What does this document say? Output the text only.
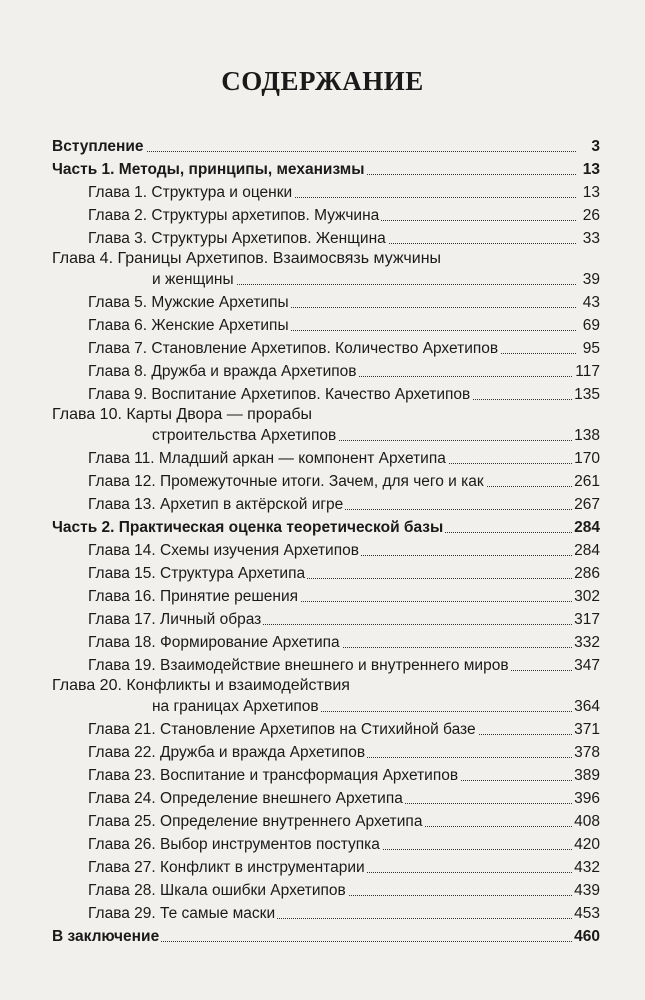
СОДЕРЖАНИЕ
Вступление	3
Часть 1. Методы, принципы, механизмы	13
Глава 1. Структура и оценки	13
Глава 2. Структуры архетипов. Мужчина	26
Глава 3. Структуры Архетипов. Женщина	33
Глава 4. Границы Архетипов. Взаимосвязь мужчины
и женщины	39
Глава 5. Мужские Архетипы	43
Глава 6. Женские Архетипы	69
Глава 7. Становление Архетипов. Количество Архетипов	95
Глава 8. Дружба и вражда Архетипов	117
Глава 9. Воспитание Архетипов. Качество Архетипов	135
Глава 10. Карты Двора — прорабы
строительства Архетипов	138
Глава 11. Младший аркан — компонент Архетипа	170
Глава 12. Промежуточные итоги. Зачем, для чего и как	261
Глава 13. Архетип в актёрской игре	267
Часть 2. Практическая оценка теоретической базы	284
Глава 14. Схемы изучения Архетипов	284
Глава 15. Структура Архетипа	286
Глава 16. Принятие решения	302
Глава 17. Личный образ	317
Глава 18. Формирование Архетипа	332
Глава 19. Взаимодействие внешнего и внутреннего миров	347
Глава 20. Конфликты и взаимодействия
на границах Архетипов	364
Глава 21. Становление Архетипов на Стихийной базе	371
Глава 22. Дружба и вражда Архетипов	378
Глава 23. Воспитание и трансформация Архетипов	389
Глава 24. Определение внешнего Архетипа	396
Глава 25. Определение внутреннего Архетипа	408
Глава 26. Выбор инструментов поступка	420
Глава 27. Конфликт в инструментарии	432
Глава 28. Шкала ошибки Архетипов	439
Глава 29. Те самые маски	453
В заключение	460
